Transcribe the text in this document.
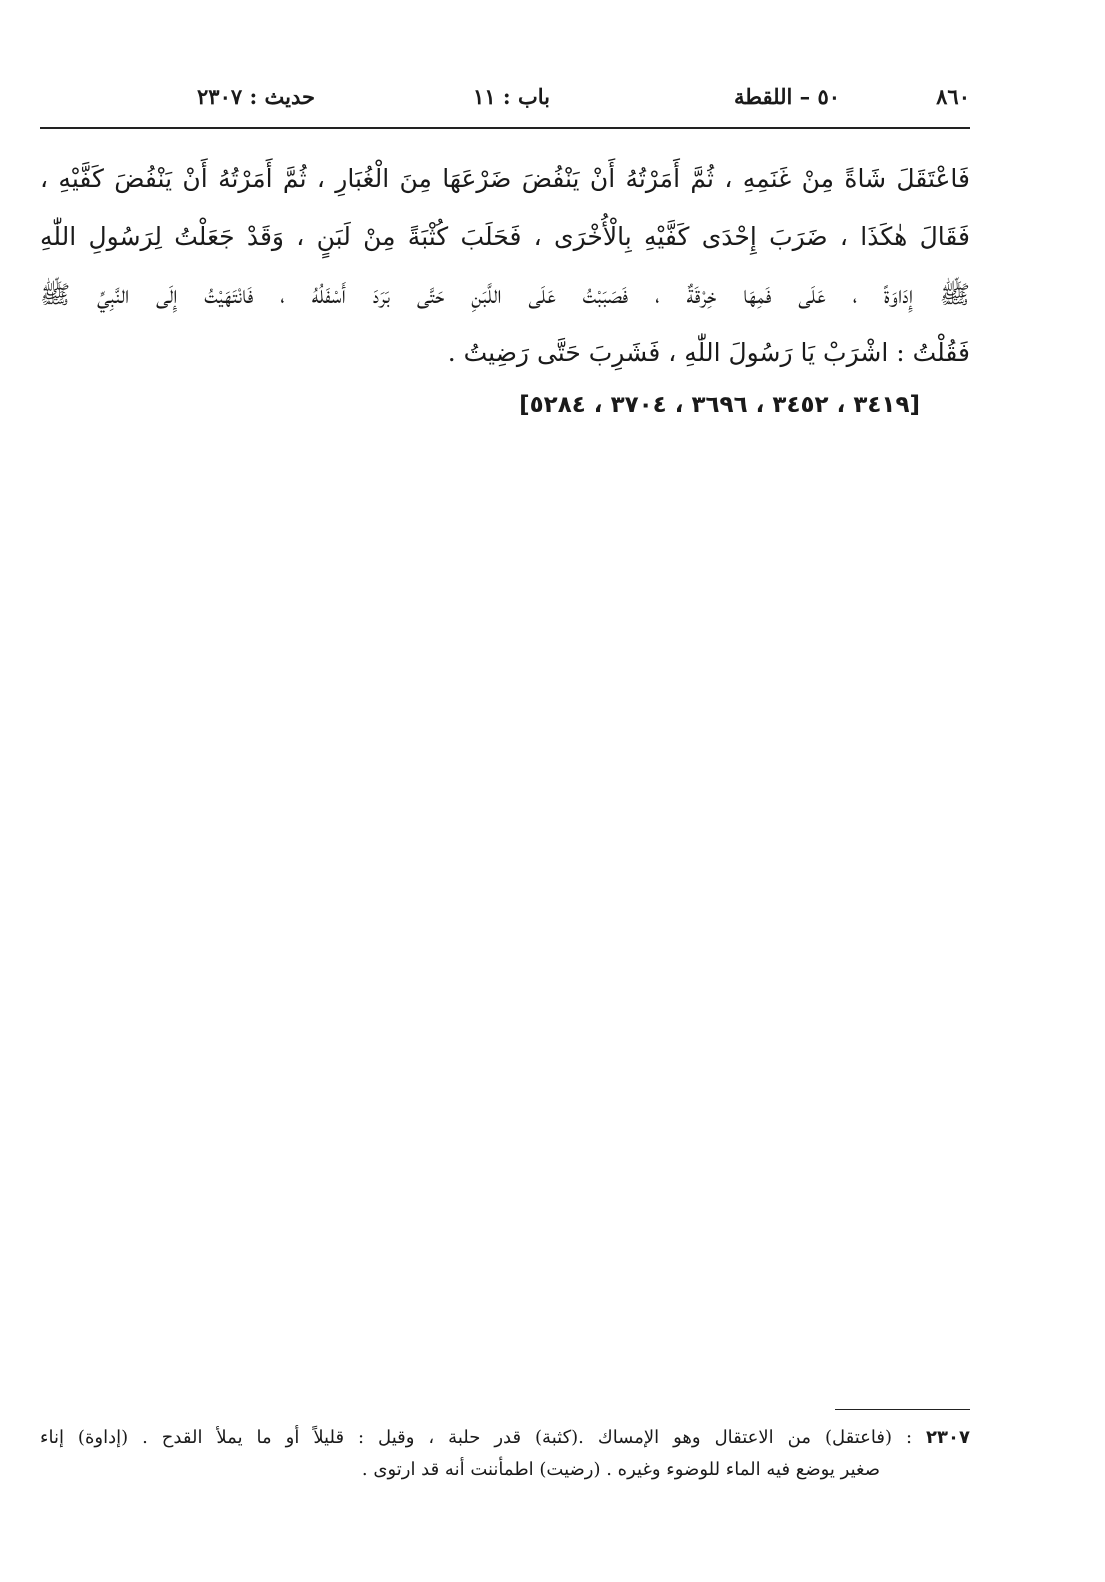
٨٦٠
٥٠ – اللقطة
باب : ١١
حديث : ٢٣٠٧
فَاعْتَقَلَ شَاةً مِنْ غَنَمِهِ ، ثُمَّ أَمَرْتُهُ أَنْ يَنْفُضَ ضَرْعَهَا مِنَ الْغُبَارِ ، ثُمَّ أَمَرْتُهُ أَنْ يَنْفُضَ كَفَّيْهِ ،
فَقَالَ هٰكَذَا ، ضَرَبَ إِحْدَى كَفَّيْهِ بِالْأُخْرَى ، فَحَلَبَ كُثْبَةً مِنْ لَبَنٍ ، وَقَدْ جَعَلْتُ لِرَسُولِ اللّٰهِ
ﷺ إِدَاوَةً ، عَلَى فَمِهَا خِرْقَةٌ ، فَصَبَبْتُ عَلَى اللَّبَنِ حَتَّى بَرَدَ أَسْفَلُهُ ، فَانْتَهَيْتُ إِلَى النَّبِيِّ ﷺ
فَقُلْتُ : اشْرَبْ يَا رَسُولَ اللّٰهِ ، فَشَرِبَ حَتَّى رَضِيتُ .
[٣٤١٩ ، ٣٤٥٢ ، ٣٦٩٦ ، ٣٧٠٤ ، ٥٢٨٤]
٢٣٠٧ : (فاعتقل) من الاعتقال وهو الإمساك .(كثبة) قدر حلبة ، وقيل : قليلاً أو ما يملأ القدح . (إداوة) إناء
صغير يوضع فيه الماء للوضوء وغيره . (رضيت) اطمأننت أنه قد ارتوى .
